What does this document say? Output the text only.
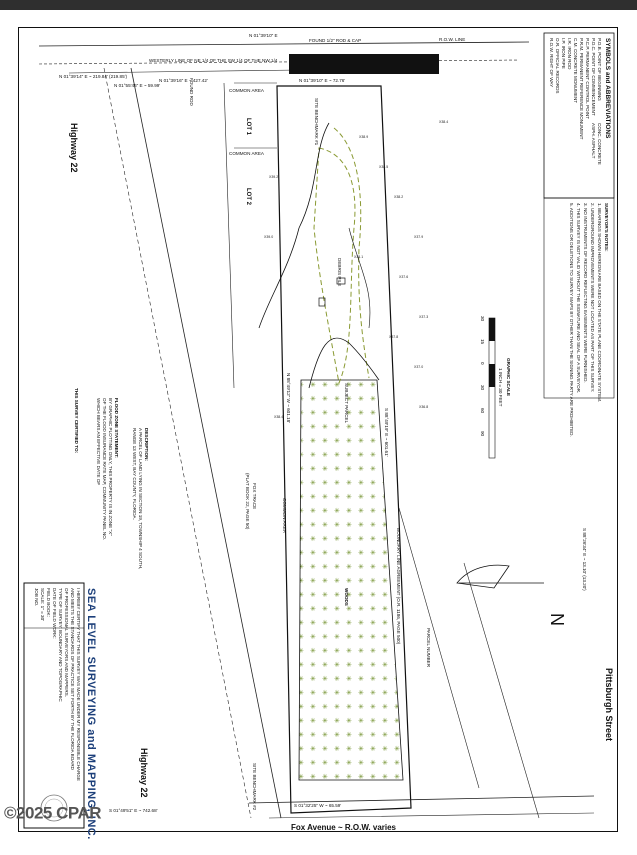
X38.9
X38.5
X38.2
X37.9
X38.1
X37.6
X37.3
X37.8
X37.0
X36.8
X39.2
X39.0
X38.4
X38.4
Highway 22
Highway 22
Pittsburgh Street
Fox Avenue ~ R.O.W. varies
FOX TRACE
(PLAT BOOK 22, PAGE 50)
LOT 1
LOT 2
COMMON AREA
COMMON AREA
COMMON AREA
SUBJECT PARCEL
WOODS
DEBRIS PILE
N
SITE BENCHMARK #1
SITE BENCHMARK #2
FOUND ROD
FOUND 1/2" ROD & CAP	R.O.W. LINE
WESTERLY LINE OF NE 1/4 OF THE SW 1/4 OF THE NW 1/4
BOUNDARY LINE AGREEMENT (O.R. 1186, PAGE 500)
PARCEL NUMBER
S 01°32'25" W ~ 65.59'
S 88°49'19" E ~ 601.61'
N 88°49'12" W ~ 601.18'
N 01°39'10" E
N 01°39'10" E ~ 72.76'
N 01°39'14" E ~ 219.84' (219.85')
N 01°39'16" E ~ 427.42'
S 88°26'34" E ~ 13.10' (13.20')
S 01°49'51" E ~ 742.68'
N 01°55'45" E ~ 59.99'
GRAPHIC SCALE
1 INCH = 30 FEET
30
15
0
30
60
90
SYMBOLS and ABBREVIATIONS
P.O.B. POINT OF BEGINNING
P.O.C. POINT OF COMMENCEMENT
P.C.P. PERMANENT CONTROL POINT
P.R.M. PERMANENT REFERENCE MONUMENT
C.M. CONCRETE MONUMENT
I.R. IRON ROD
I.P. IRON PIPE
O.R. OFFICIAL RECORDS
R.O.W. RIGHT OF WAY
CONC. CONCRETE
ASPH. ASPHALT
SURVEYOR'S NOTES:
1. BEARINGS SHOWN HEREON ARE BASED ON THE STATE PLANE COORDINATE SYSTEM.
2. UNDERGROUND IMPROVEMENTS WERE NOT LOCATED AS PART OF THIS SURVEY.
3. NO INSTRUMENTS OF RECORD REFLECTING EASEMENTS WERE FURNISHED.
4. THIS SURVEY IS NOT VALID WITHOUT THE SIGNATURE AND SEAL OF A SURVEYOR.
5. ADDITIONS OR DELETIONS TO SURVEY MAPS BY OTHER THAN THE SIGNING PARTY ARE PROHIBITED.
DESCRIPTION:
A PARCEL OF LAND LYING IN SECTION 19, TOWNSHIP 4 SOUTH,
RANGE 13 WEST, BAY COUNTY, FLORIDA.
FLOOD ZONE STATEMENT:
BY GRAPHIC PLOTTING ONLY, THIS PROPERTY IS IN ZONE "X"
OF THE FLOOD INSURANCE RATE MAP, COMMUNITY PANEL NO.
WHICH BEARS AN EFFECTIVE DATE OF
THIS SURVEY CERTIFIED TO:
SEA LEVEL SURVEYING and MAPPING, INC.
I HEREBY CERTIFY THAT THIS SURVEY WAS MADE UNDER MY RESPONSIBLE CHARGE
AND MEETS THE STANDARDS OF PRACTICE SET FORTH BY THE FLORIDA BOARD
OF PROFESSIONAL SURVEYORS AND MAPPERS.
TYPE OF SURVEY: BOUNDARY AND TOPOGRAPHIC
DATE OF FIELD WORK:
FIELD BOOK:
SCALE: 1" = 30'
JOB NO.
©2025 CPAR
